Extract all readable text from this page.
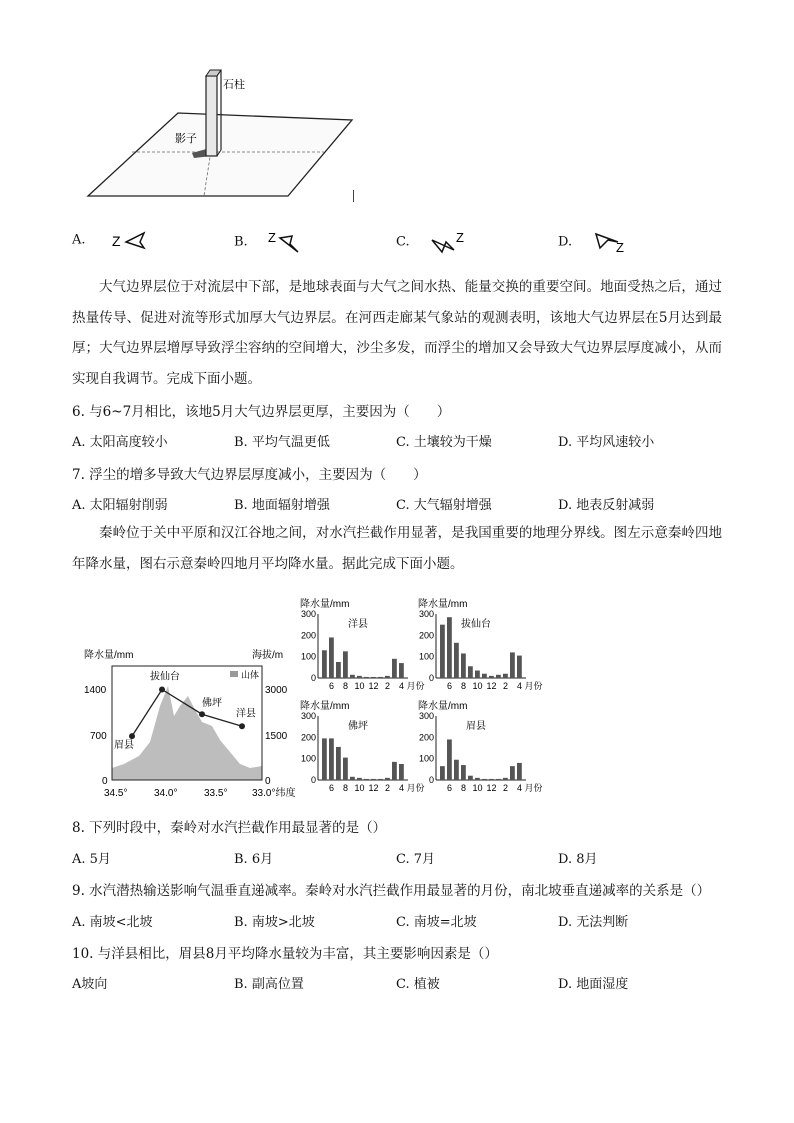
石柱
影子
A. Z	B. Z	C.	Z	D.	Z
大气边界层位于对流层中下部，是地球表面与大气之间水热、能量交换的重要空间。地面受热之后，通过热量传导、促进对流等形式加厚大气边界层。在河西走廊某气象站的观测表明，该地大气边界层在5月达到最厚；大气边界层增厚导致浮尘容纳的空间增大，沙尘多发，而浮尘的增加又会导致大气边界层厚度减小，从而实现自我调节。完成下面小题。
6. 与6~7月相比，该地5月大气边界层更厚，主要因为（　　）
A. 太阳高度较小	B. 平均气温更低	C. 土壤较为干燥	D. 平均风速较小
7. 浮尘的增多导致大气边界层厚度减小，主要因为（　　）
A. 太阳辐射削弱	B. 地面辐射增强	C. 大气辐射增强	D. 地表反射减弱
秦岭位于关中平原和汉江谷地之间，对水汽拦截作用显著，是我国重要的地理分界线。图左示意秦岭四地年降水量，图右示意秦岭四地月平均降水量。据此完成下面小题。
降水量/mm	海拔/m
眉县
拔仙台
佛坪
洋县
山体
1400
700
0
3000
1500
0
34.5°	34.0°	33.5° 33.0°纬度
降水量/mm
300
200
100
0
洋县
6 8 10 12 2 4 月份
降水量/mm
300
200
100
0
拔仙台
6 8 10 12 2 4 月份
降水量/mm
300
200
100
0
佛坪
6 8 10 12 2 4 月份
降水量/mm
300
200
100
0
眉县
6 8 10 12 2 4 月份
8. 下列时段中，秦岭对水汽拦截作用最显著的是（）
A. 5月	B. 6月	C. 7月	D. 8月
9. 水汽潜热输送影响气温垂直递减率。秦岭对水汽拦截作用最显著的月份，南北坡垂直递减率的关系是（）
A. 南坡<北坡	B. 南坡>北坡	C. 南坡=北坡	D. 无法判断
10. 与洋县相比，眉县8月平均降水量较为丰富，其主要影响因素是（）
A坡向	B. 副高位置	C. 植被	D. 地面湿度
